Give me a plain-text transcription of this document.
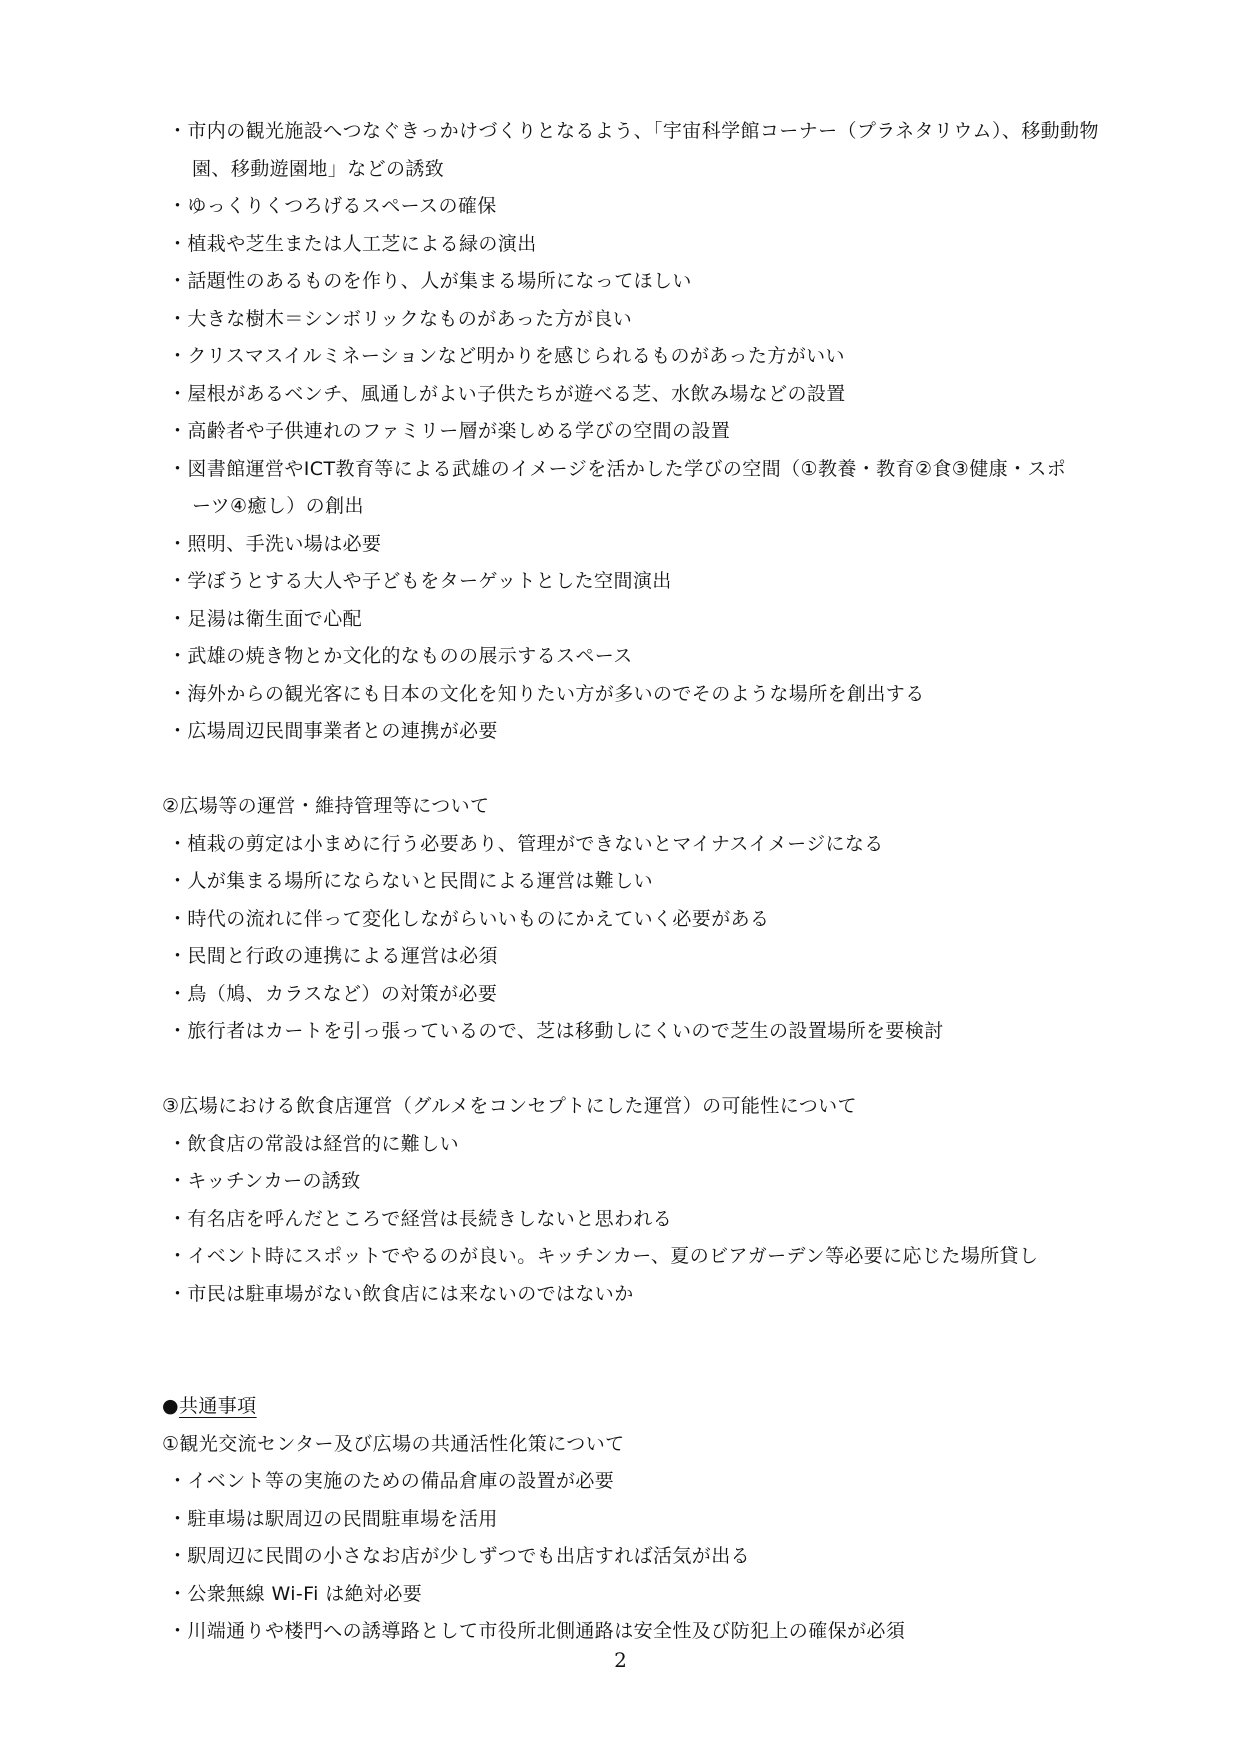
・市内の観光施設へつなぐきっかけづくりとなるよう、「宇宙科学館コーナー（プラネタリウム）、移動動物
園、移動遊園地」などの誘致
・ゆっくりくつろげるスペースの確保
・植栽や芝生または人工芝による緑の演出
・話題性のあるものを作り、人が集まる場所になってほしい
・大きな樹木＝シンボリックなものがあった方が良い
・クリスマスイルミネーションなど明かりを感じられるものがあった方がいい
・屋根があるベンチ、風通しがよい子供たちが遊べる芝、水飲み場などの設置
・高齢者や子供連れのファミリー層が楽しめる学びの空間の設置
・図書館運営やICT教育等による武雄のイメージを活かした学びの空間（①教養・教育②食③健康・スポ
ーツ④癒し）の創出
・照明、手洗い場は必要
・学ぼうとする大人や子どもをターゲットとした空間演出
・足湯は衛生面で心配
・武雄の焼き物とか文化的なものの展示するスペース
・海外からの観光客にも日本の文化を知りたい方が多いのでそのような場所を創出する
・広場周辺民間事業者との連携が必要
②広場等の運営・維持管理等について
・植栽の剪定は小まめに行う必要あり、管理ができないとマイナスイメージになる
・人が集まる場所にならないと民間による運営は難しい
・時代の流れに伴って変化しながらいいものにかえていく必要がある
・民間と行政の連携による運営は必須
・鳥（鳩、カラスなど）の対策が必要
・旅行者はカートを引っ張っているので、芝は移動しにくいので芝生の設置場所を要検討
③広場における飲食店運営（グルメをコンセプトにした運営）の可能性について
・飲食店の常設は経営的に難しい
・キッチンカーの誘致
・有名店を呼んだところで経営は長続きしないと思われる
・イベント時にスポットでやるのが良い。キッチンカー、夏のビアガーデン等必要に応じた場所貸し
・市民は駐車場がない飲食店には来ないのではないか
●共通事項
①観光交流センター及び広場の共通活性化策について
・イベント等の実施のための備品倉庫の設置が必要
・駐車場は駅周辺の民間駐車場を活用
・駅周辺に民間の小さなお店が少しずつでも出店すれば活気が出る
・公衆無線 Wi-Fi は絶対必要
・川端通りや楼門への誘導路として市役所北側通路は安全性及び防犯上の確保が必須
2
